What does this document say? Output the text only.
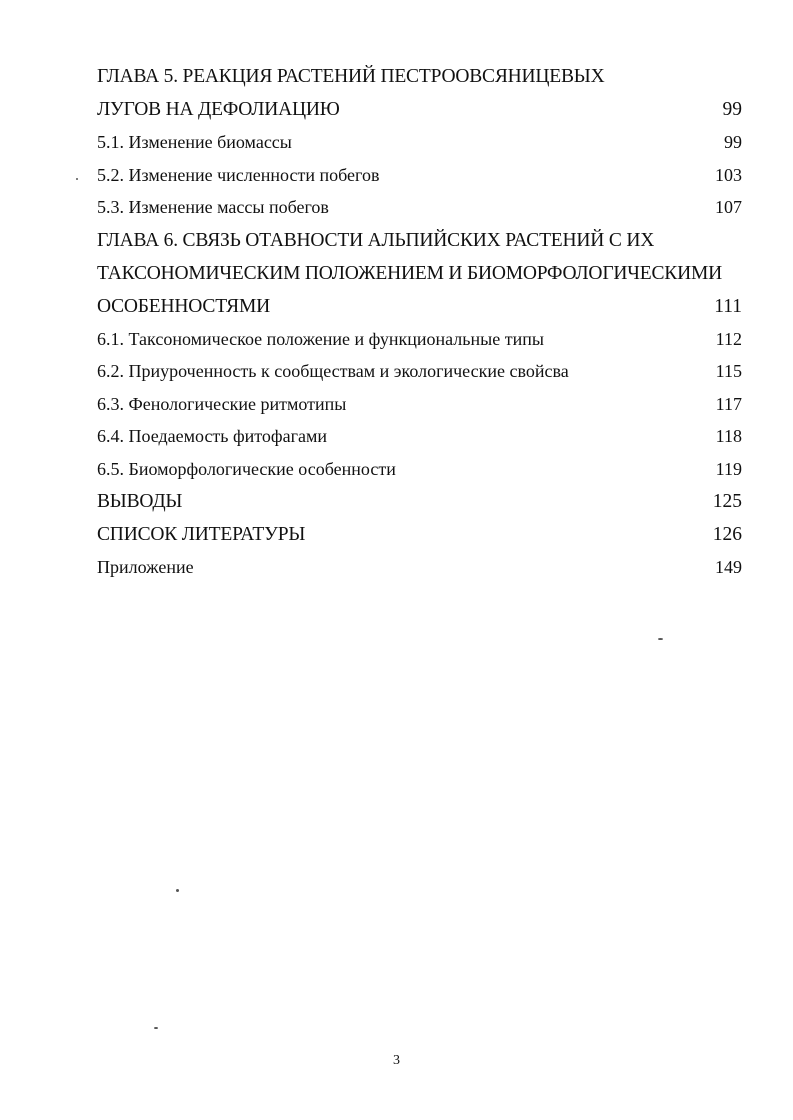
ГЛАВА 5. РЕАКЦИЯ РАСТЕНИЙ ПЕСТРООВСЯНИЦЕВЫХ
ЛУГОВ НА ДЕФОЛИАЦИЮ	99
5.1. Изменение биомассы	99
5.2. Изменение численности побегов	103
5.3. Изменение массы побегов	107
ГЛАВА 6. СВЯЗЬ ОТАВНОСТИ АЛЬПИЙСКИХ РАСТЕНИЙ С ИХ
ТАКСОНОМИЧЕСКИМ ПОЛОЖЕНИЕМ И БИОМОРФОЛОГИЧЕСКИМИ
ОСОБЕННОСТЯМИ	111
6.1. Таксономическое положение и функциональные типы	112
6.2. Приуроченность к сообществам и экологические свойсва	115
6.3. Фенологические ритмотипы	117
6.4. Поедаемость фитофагами	118
6.5. Биоморфологические особенности	119
ВЫВОДЫ	125
СПИСОК ЛИТЕРАТУРЫ	126
Приложение	149
3
